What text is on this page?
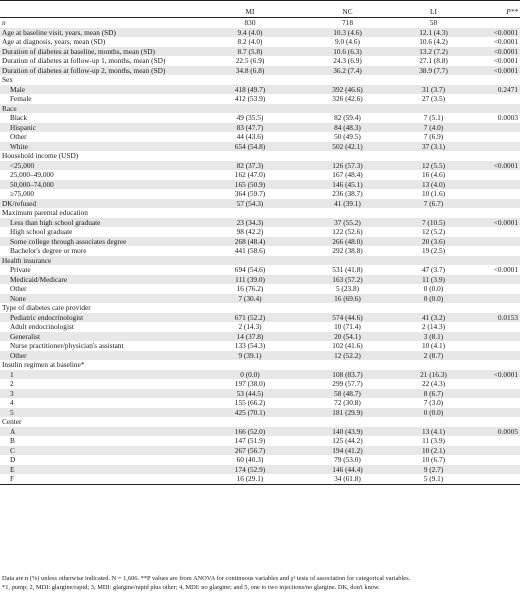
	MI	NC	LI	P**
n	830	718	58	
Age at baseline visit, years, mean (SD)	9.4 (4.0)	10.3 (4.6)	12.1 (4.3)	<0.0001
Age at diagnosis, years, mean (SD)	8.2 (4.0)	9.0 (4.6)	10.6 (4.2)	<0.0001
Duration of diabetes at baseline, months, mean (SD)	8.7 (5.8)	10.6 (6.3)	13.2 (7.2)	<0.0001
Duration of diabetes at follow-up 1, months, mean (SD)	22.5 (6.9)	24.3 (6.9)	27.1 (8.8)	<0.0001
Duration of diabetes at follow-up 2, months, mean (SD)	34.8 (6.8)	36.2 (7.4)	38.9 (7.7)	<0.0001
Sex				
Male	418 (49.7)	392 (46.6)	31 (3.7)	0.2471
Female	412 (53.9)	326 (42.6)	27 (3.5)	
Race				
Black	49 (35.5)	82 (59.4)	7 (5.1)	0.0003
Hispanic	83 (47.7)	84 (48.3)	7 (4.0)	
Other	44 (43.6)	50 (49.5)	7 (6.9)	
White	654 (54.8)	502 (42.1)	37 (3.1)	
Household income (USD)				
<25,000	82 (37.3)	126 (57.3)	12 (5.5)	<0.0001
25,000–49,000	162 (47.0)	167 (48.4)	16 (4.6)	
50,000–74,000	165 (50.9)	146 (45.1)	13 (4.0)	
≥75,000	364 (59.7)	236 (38.7)	10 (1.6)	
DK/refused	57 (54.3)	41 (39.1)	7 (6.7)	
Maximum parental education				
Less than high school graduate	23 (34.3)	37 (55.2)	7 (10.5)	<0.0001
High school graduate	98 (42.2)	122 (52.6)	12 (5.2)	
Some college through associates degree	268 (48.4)	266 (48.0)	20 (3.6)	
Bachelor's degree or more	441 (58.6)	292 (38.8)	19 (2.5)	
Health insurance				
Private	694 (54.6)	531 (41.8)	47 (3.7)	<0.0001
Medicaid/Medicare	111 (39.0)	163 (57.2)	11 (3.9)	
Other	16 (76.2)	5 (23.8)	0 (0.0)	
None	7 (30.4)	16 (69.6)	0 (0.0)	
Type of diabetes care provider				
Pediatric endocrinologist	671 (52.2)	574 (44.6)	41 (3.2)	0.0153
Adult endocrinologist	2 (14.3)	10 (71.4)	2 (14.3)	
Generalist	14 (37.8)	20 (54.1)	3 (8.1)	
Nurse practitioner/physician's assistant	133 (54.3)	102 (41.6)	10 (4.1)	
Other	9 (39.1)	12 (52.2)	2 (8.7)	
Insulin regimen at baseline*				
1	0 (0.0)	108 (83.7)	21 (16.3)	<0.0001
2	197 (38.0)	299 (57.7)	22 (4.3)	
3	53 (44.5)	58 (48.7)	8 (6.7)	
4	155 (66.2)	72 (30.8)	7 (3.0)	
5	425 (70.1)	181 (29.9)	0 (0.0)	
Center				
A	166 (52.0)	140 (43.9)	13 (4.1)	0.0005
B	147 (51.9)	125 (44.2)	11 (3.9)	
C	267 (56.7)	194 (41.2)	10 (2.1)	
D	60 (40.3)	79 (53.0)	10 (6.7)	
E	174 (52.9)	146 (44.4)	9 (2.7)	
F	16 (29.1)	34 (61.8)	5 (9.1)	
Data are n (%) unless otherwise indicated. N = 1,606. **P values are from ANOVA for continuous variables and χ² tests of association for categorical variables.
*1, pump; 2, MDI: glargine/rapid; 3, MDI: glargine/rapid plus other; 4, MDI: no glargine; and 5, one to two injections/no glargine. DK, don't know.
